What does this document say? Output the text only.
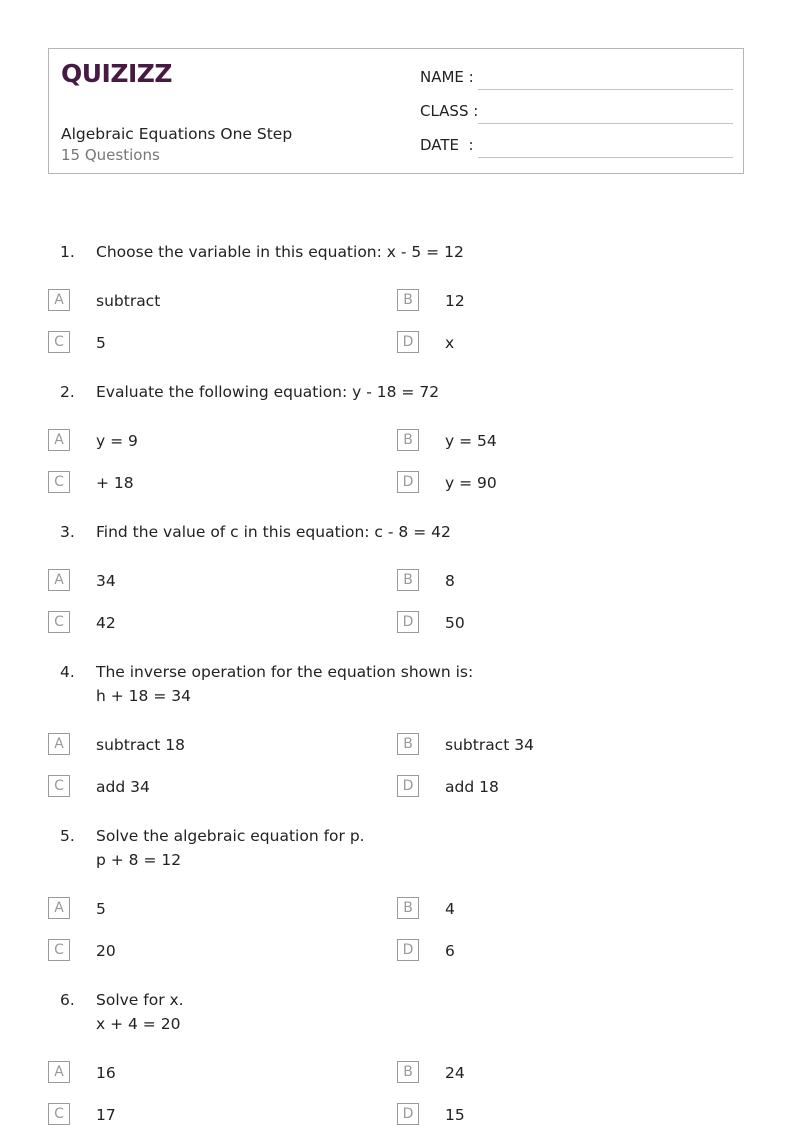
QUIZIZZ
Algebraic Equations One Step
15 Questions
NAME :
CLASS :
DATE  :
1. Choose the variable in this equation: x - 5 = 12
A	subtract	B	12
C	5	D	x
2. Evaluate the following equation: y - 18 = 72
A	y = 9	B	y = 54
C	+ 18	D	y = 90
3. Find the value of c in this equation: c - 8 = 42
A	34	B	8
C	42	D	50
4. The inverse operation for the equation shown is:
h + 18 = 34
A	subtract 18	B	subtract 34
C	add 34	D	add 18
5. Solve the algebraic equation for p.
p + 8 = 12
A	5	B	4
C	20	D	6
6. Solve for x.
x + 4 = 20
A	16	B	24
C	17	D	15
